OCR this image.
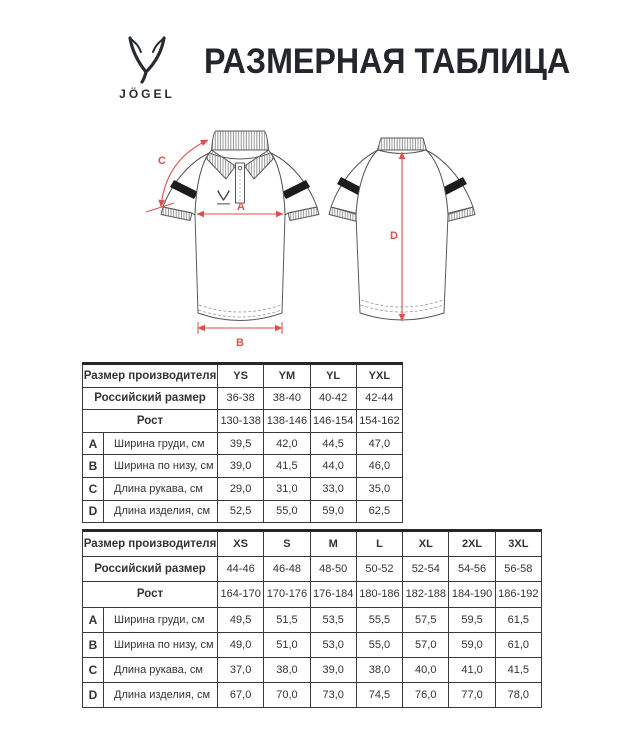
JÖGEL
РАЗМЕРНАЯ ТАБЛИЦА
A
B
C
D
Размер производителя		YS	YM	YL	YXL
Российский размер		36-38	38-40	40-42	42-44
Рост		130-138	138-146	146-154	154-162
A	Ширина груди, см	39,5	42,0	44,5	47,0
B	Ширина по низу, см	39,0	41,5	44,0	46,0
C	Длина рукава, см	29,0	31,0	33,0	35,0
D	Длина изделия, см	52,5	55,0	59,0	62,5
Размер производителя		XS	S	M	L	XL	2XL	3XL
Российский размер		44-46	46-48	48-50	50-52	52-54	54-56	56-58
Рост		164-170	170-176	176-184	180-186	182-188	184-190	186-192
A	Ширина груди, см	49,5	51,5	53,5	55,5	57,5	59,5	61,5
B	Ширина по низу, см	49,0	51,0	53,0	55,0	57,0	59,0	61,0
C	Длина рукава, см	37,0	38,0	39,0	38,0	40,0	41,0	41,5
D	Длина изделия, см	67,0	70,0	73,0	74,5	76,0	77,0	78,0
